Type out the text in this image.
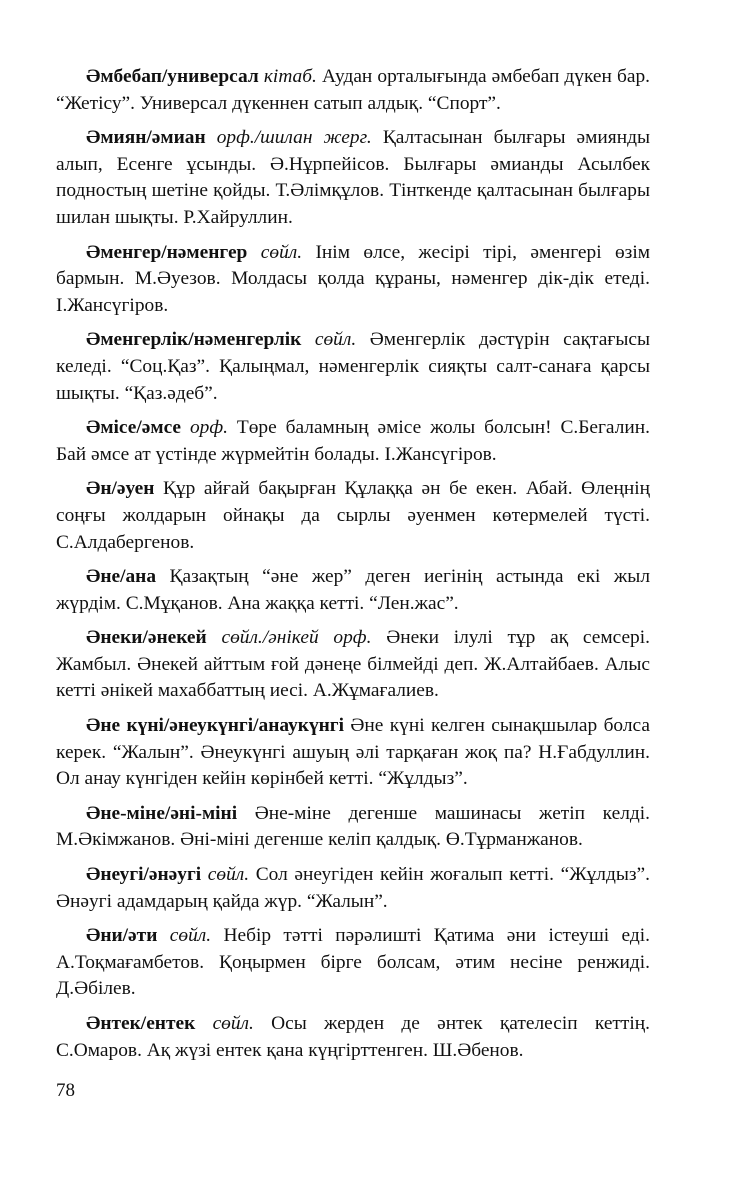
Әмбебап/универсал кітаб. Аудан орталығында әмбебап дүкен бар. “Жетісу”. Универсал дүкеннен сатып алдық. “Спорт”.

Әмиян/әмиан орф./шилан жерг. Қалтасынан былғары әмиянды алып, Есенге ұсынды. Ә.Нұрпейісов. Былғары әмианды Асылбек подностың шетіне қойды. Т.Әлімқұлов. Тінткенде қалтасынан былғары шилан шықты. Р.Хайруллин.

Әменгер/нәменгер сөйл. Інім өлсе, жесірі тірі, әменгері өзім бармын. М.Әуезов. Молдасы қолда құраны, нәменгер дік-дік етеді. І.Жансүгіров.

Әменгерлік/нәменгерлік сөйл. Әменгерлік дәстүрін сақтағысы келеді. “Соц.Қаз”. Қалыңмал, нәменгерлік сияқты салт-санаға қарсы шықты. “Қаз.әдеб”.

Әмісе/әмсе орф. Төре баламның әмісе жолы болсын! С.Бегалин. Бай әмсе ат үстінде жүрмейтін болады. І.Жансүгіров.

Ән/әуен Құр айғай бақырған Құлаққа ән бе екен. Абай. Өлеңнің соңғы жолдарын ойнақы да сырлы әуенмен көтермелей түсті. С.Алдабергенов.

Әне/ана Қазақтың “әне жер” деген иегінің астында екі жыл жүрдім. С.Мұқанов. Ана жаққа кетті. “Лен.жас”.

Әнеки/әнекей сөйл./әнікей орф. Әнеки ілулі тұр ақ семсері. Жамбыл. Әнекей айттым ғой дәнеңе білмейді деп. Ж.Алтайбаев. Алыс кетті әнікей махаббаттың иесі. А.Жұмағалиев.

Әне күні/әнеукүнгі/анаукүнгі Әне күні келген сынақшылар болса керек. “Жалын”. Әнеукүнгі ашуың әлі тарқаған жоқ па? Н.Ғабдуллин. Ол анау күнгіден кейін көрінбей кетті. “Жұлдыз”.

Әне-міне/әні-міні Әне-міне дегенше машинасы жетіп келді. М.Әкімжанов. Әні-міні дегенше келіп қалдық. Ө.Тұрманжанов.

Әнеугі/әнәугі сөйл. Сол әнеугіден кейін жоғалып кетті. “Жұлдыз”. Әнәугі адамдарың қайда жүр. “Жалын”.

Әни/әти сөйл. Небір тәтті пәрәлишті Қатима әни істеуші еді. А.Тоқмағамбетов. Қоңырмен бірге болсам, әтим несіне ренжиді. Д.Әбілев.

Әнтек/ентек сөйл. Осы жерден де әнтек қателесіп кеттің. С.Омаров. Ақ жүзі ентек қана күңгірттенген. Ш.Әбенов.

78
